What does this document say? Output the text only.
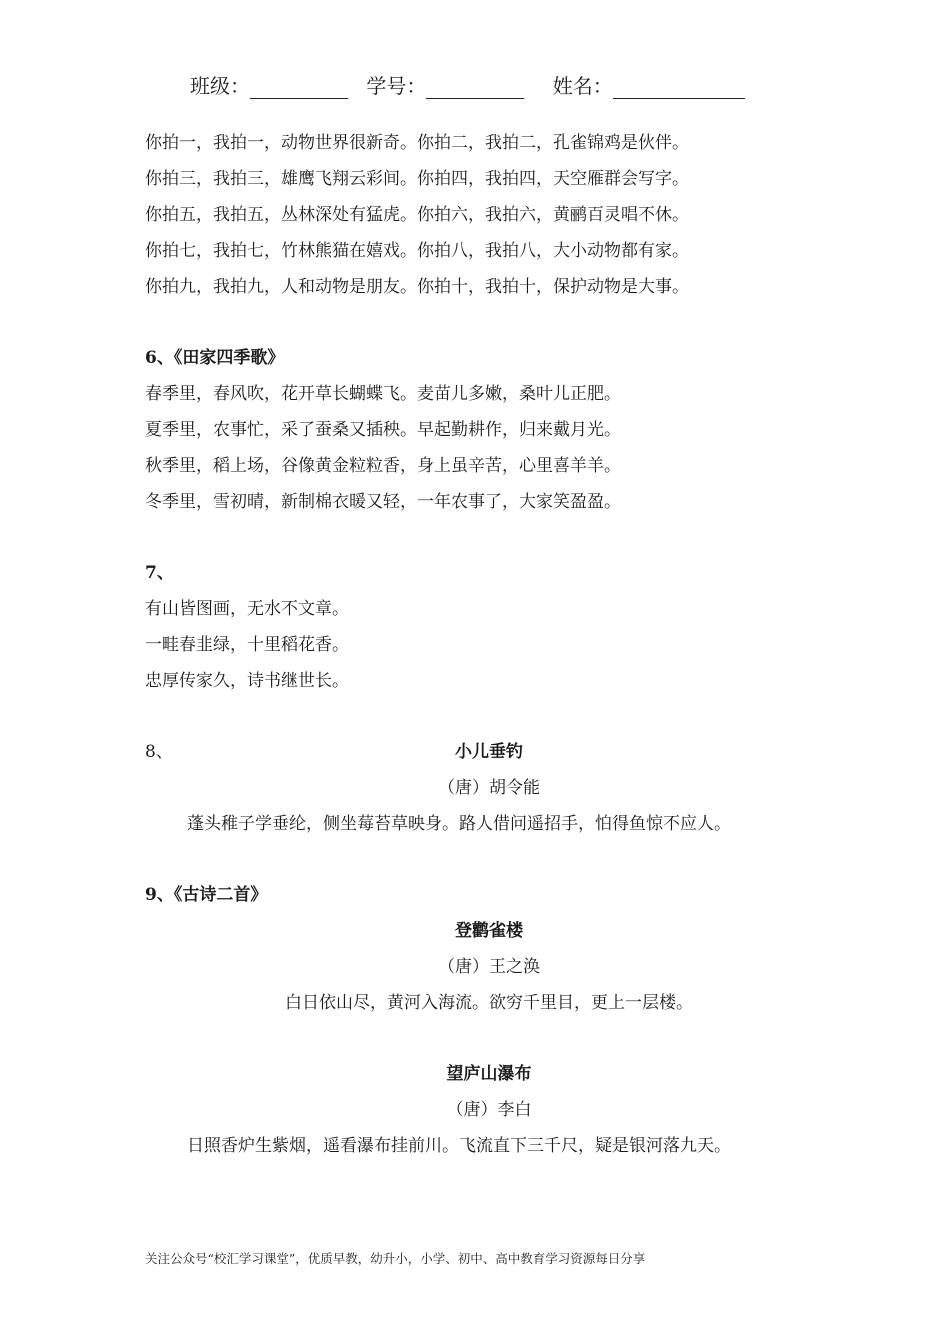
班级：	学号：	姓名：
你拍一，我拍一，动物世界很新奇。你拍二，我拍二，孔雀锦鸡是伙伴。
你拍三，我拍三，雄鹰飞翔云彩间。你拍四，我拍四，天空雁群会写字。
你拍五，我拍五，丛林深处有猛虎。你拍六，我拍六，黄鹂百灵唱不休。
你拍七，我拍七，竹林熊猫在嬉戏。你拍八，我拍八，大小动物都有家。
你拍九，我拍九，人和动物是朋友。你拍十，我拍十，保护动物是大事。
6、《田家四季歌》
春季里，春风吹，花开草长蝴蝶飞。麦苗儿多嫩，桑叶儿正肥。
夏季里，农事忙，采了蚕桑又插秧。早起勤耕作，归来戴月光。
秋季里，稻上场，谷像黄金粒粒香，身上虽辛苦，心里喜羊羊。
冬季里，雪初晴，新制棉衣暖又轻，一年农事了，大家笑盈盈。
7、
有山皆图画，无水不文章。
一畦春韭绿，十里稻花香。
忠厚传家久，诗书继世长。
8、	小儿垂钓
（唐）胡令能
蓬头稚子学垂纶，侧坐莓苔草映身。路人借问遥招手，怕得鱼惊不应人。
9、《古诗二首》
登鹳雀楼
（唐）王之涣
白日依山尽，黄河入海流。欲穷千里目，更上一层楼。
望庐山瀑布
（唐）李白
日照香炉生紫烟，遥看瀑布挂前川。飞流直下三千尺，疑是银河落九天。
关注公众号“校汇学习课堂”，优质早教，幼升小，小学、初中、高中教育学习资源每日分享
